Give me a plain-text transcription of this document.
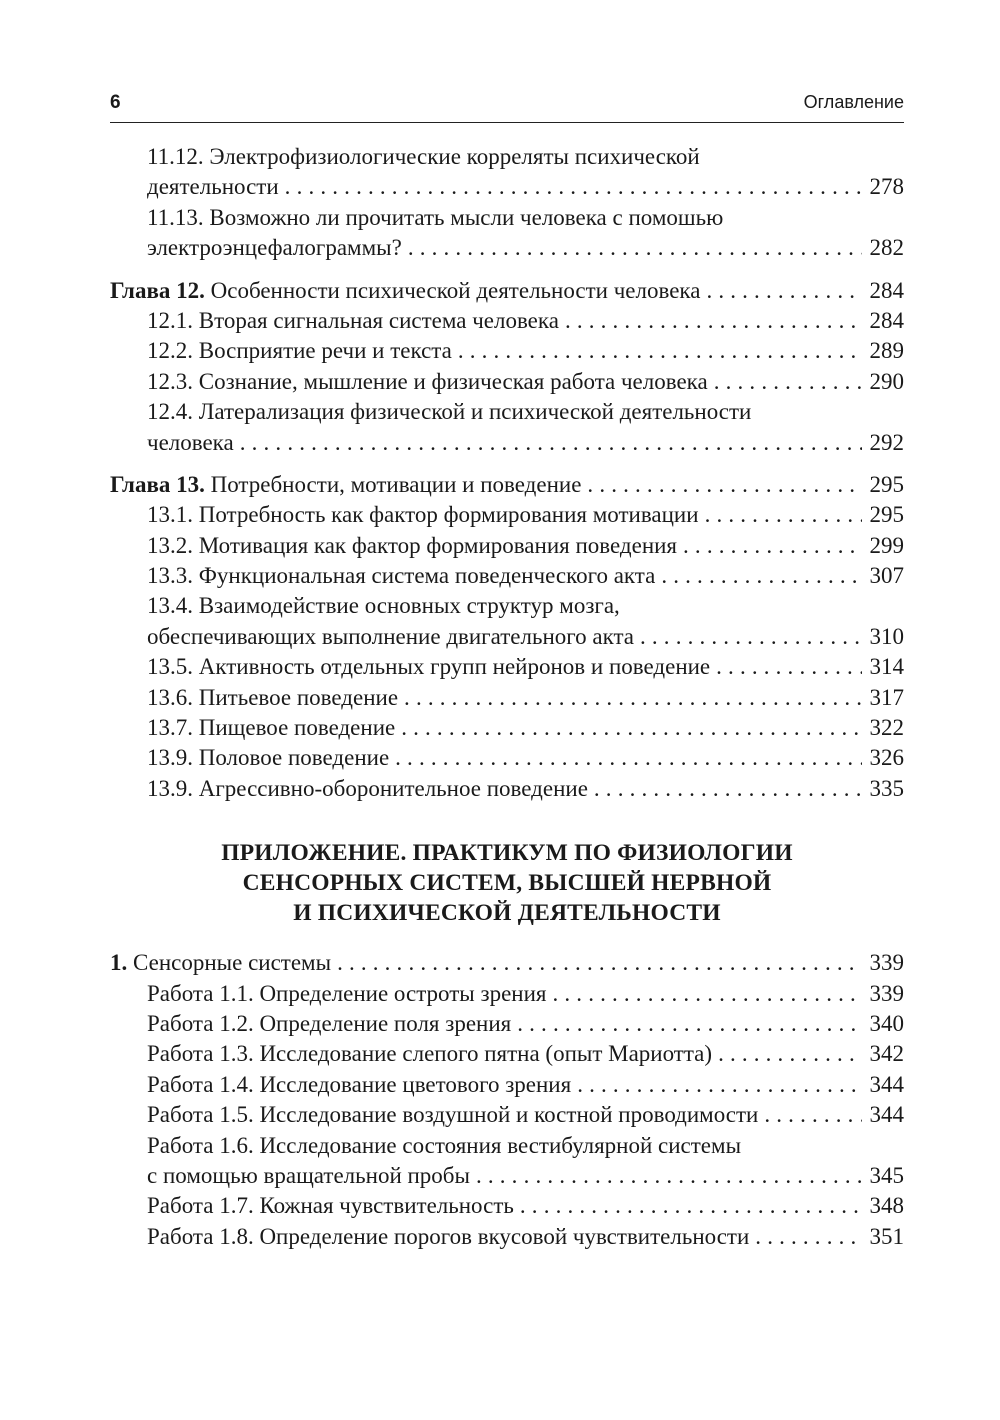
6	Оглавление
11.12. Электрофизиологические корреляты психической
деятельности . . .	278
11.13. Возможно ли прочитать мысли человека с помошью
электроэнцефалограммы? . . .	282
Глава 12. Особенности психической деятельности человека . . .	284
12.1. Вторая сигнальная система человека . . .	284
12.2. Восприятие речи и текста . . .	289
12.3. Сознание, мышление и физическая работа человека . . .	290
12.4. Латерализация физической и психической деятельности
человека . . .	292
Глава 13. Потребности, мотивации и поведение . . .	295
13.1. Потребность как фактор формирования мотивации . . .	295
13.2. Мотивация как фактор формирования поведения . . .	299
13.3. Функциональная система поведенческого акта . . .	307
13.4. Взаимодействие основных структур мозга,
обеспечивающих выполнение двигательного акта . . .	310
13.5. Активность отдельных групп нейронов и поведение . . .	314
13.6. Питьевое поведение . . .	317
13.7. Пищевое поведение . . .	322
13.9. Половое поведение . . .	326
13.9. Агрессивно-оборонительное поведение . . .	335

ПРИЛОЖЕНИЕ. ПРАКТИКУМ ПО ФИЗИОЛОГИИ

СЕНСОРНЫХ СИСТЕМ, ВЫСШЕЙ НЕРВНОЙ

И ПСИХИЧЕСКОЙ ДЕЯТЕЛЬНОСТИ

1. Сенсорные системы . . .	339
Работа 1.1. Определение остроты зрения . . .	339
Работа 1.2. Определение поля зрения . . .	340
Работа 1.3. Исследование слепого пятна (опыт Мариотта) . . .	342
Работа 1.4. Исследование цветового зрения . . .	344
Работа 1.5. Исследование воздушной и костной проводимости . . .	344
Работа 1.6. Исследование состояния вестибулярной системы
с помощью вращательной пробы . . .	345
Работа 1.7. Кожная чувствительность . . .	348
Работа 1.8. Определение порогов вкусовой чувствительности . . .	351
